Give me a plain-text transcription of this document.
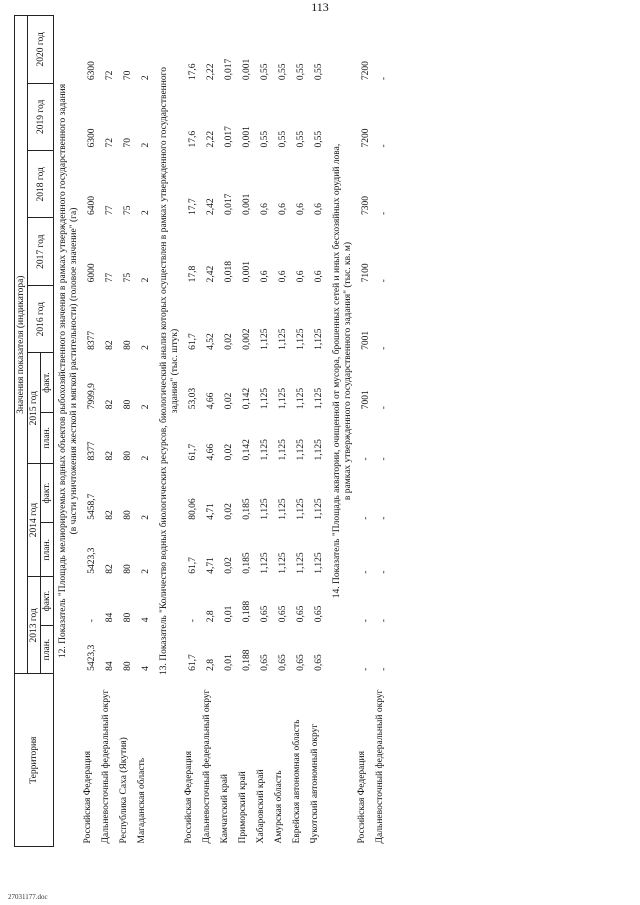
113
Территория	Значения показателя (индикатора)										
	2013 год		2014 год		2015 год		2016 год	2017 год	2018 год	2019 год	2020 год
	план.	факт.	план.	факт.	план.	факт.					

12. Показатель "Площадь мелиорируемых водных объектов рыбохозяйственного значения в рамках утвержденного государственного задания (в части уничтожения жесткой и мягкой растительности) (головое значение" (га)											

Российская Федерация	5423,3	-	5423,3	5458,7	8377	7999,9	8377	6000	6400	6300	6300
Дальневосточный федеральный округ	84	84	82	82	82	82	82	77	77	72	72
Республика Саха (Якутия)	80	80	80	80	80	80	80	75	75	70	70
Магаданская область	4	4	2	2	2	2	2	2	2	2	2

13. Показатель "Количество водных биологических ресурсов, биологический анализ которых осуществлен в рамках утвержденного государственного задания" (тыс. штук)											

Российская Федерация	61,7	-	61,7	80,06	61,7	53,03	61,7	17,8	17,7	17,6	17,6
Дальневосточный федеральный округ	2,8	2,8	4,71	4,71	4,66	4,66	4,52	2,42	2,42	2,22	2,22
Камчатский край	0,01	0,01	0,02	0,02	0,02	0,02	0,02	0,018	0,017	0,017	0,017
Приморский край	0,188	0,188	0,185	0,185	0,142	0,142	0,002	0,001	0,001	0,001	0,001
Хабаровский край	0,65	0,65	1,125	1,125	1,125	1,125	1,125	0,6	0,6	0,55	0,55
Амурская область	0,65	0,65	1,125	1,125	1,125	1,125	1,125	0,6	0,6	0,55	0,55
Еврейская автономная область	0,65	0,65	1,125	1,125	1,125	1,125	1,125	0,6	0,6	0,55	0,55
Чукотский автономный округ	0,65	0,65	1,125	1,125	1,125	1,125	1,125	0,6	0,6	0,55	0,55

14. Показатель "Площадь акватории, очищенной от мусора, брошенных сетей и иных бесхозяйных орудий лова, в рамках утвержденного государственного задания" (тыс. кв. м)											

Российская Федерация	-	-	-	-	-	7001	7001	7100	7300	7200	7200
Дальневосточный федеральный округ	-	-	-	-	-	-	-	-	-	-	-
27031177.doc
